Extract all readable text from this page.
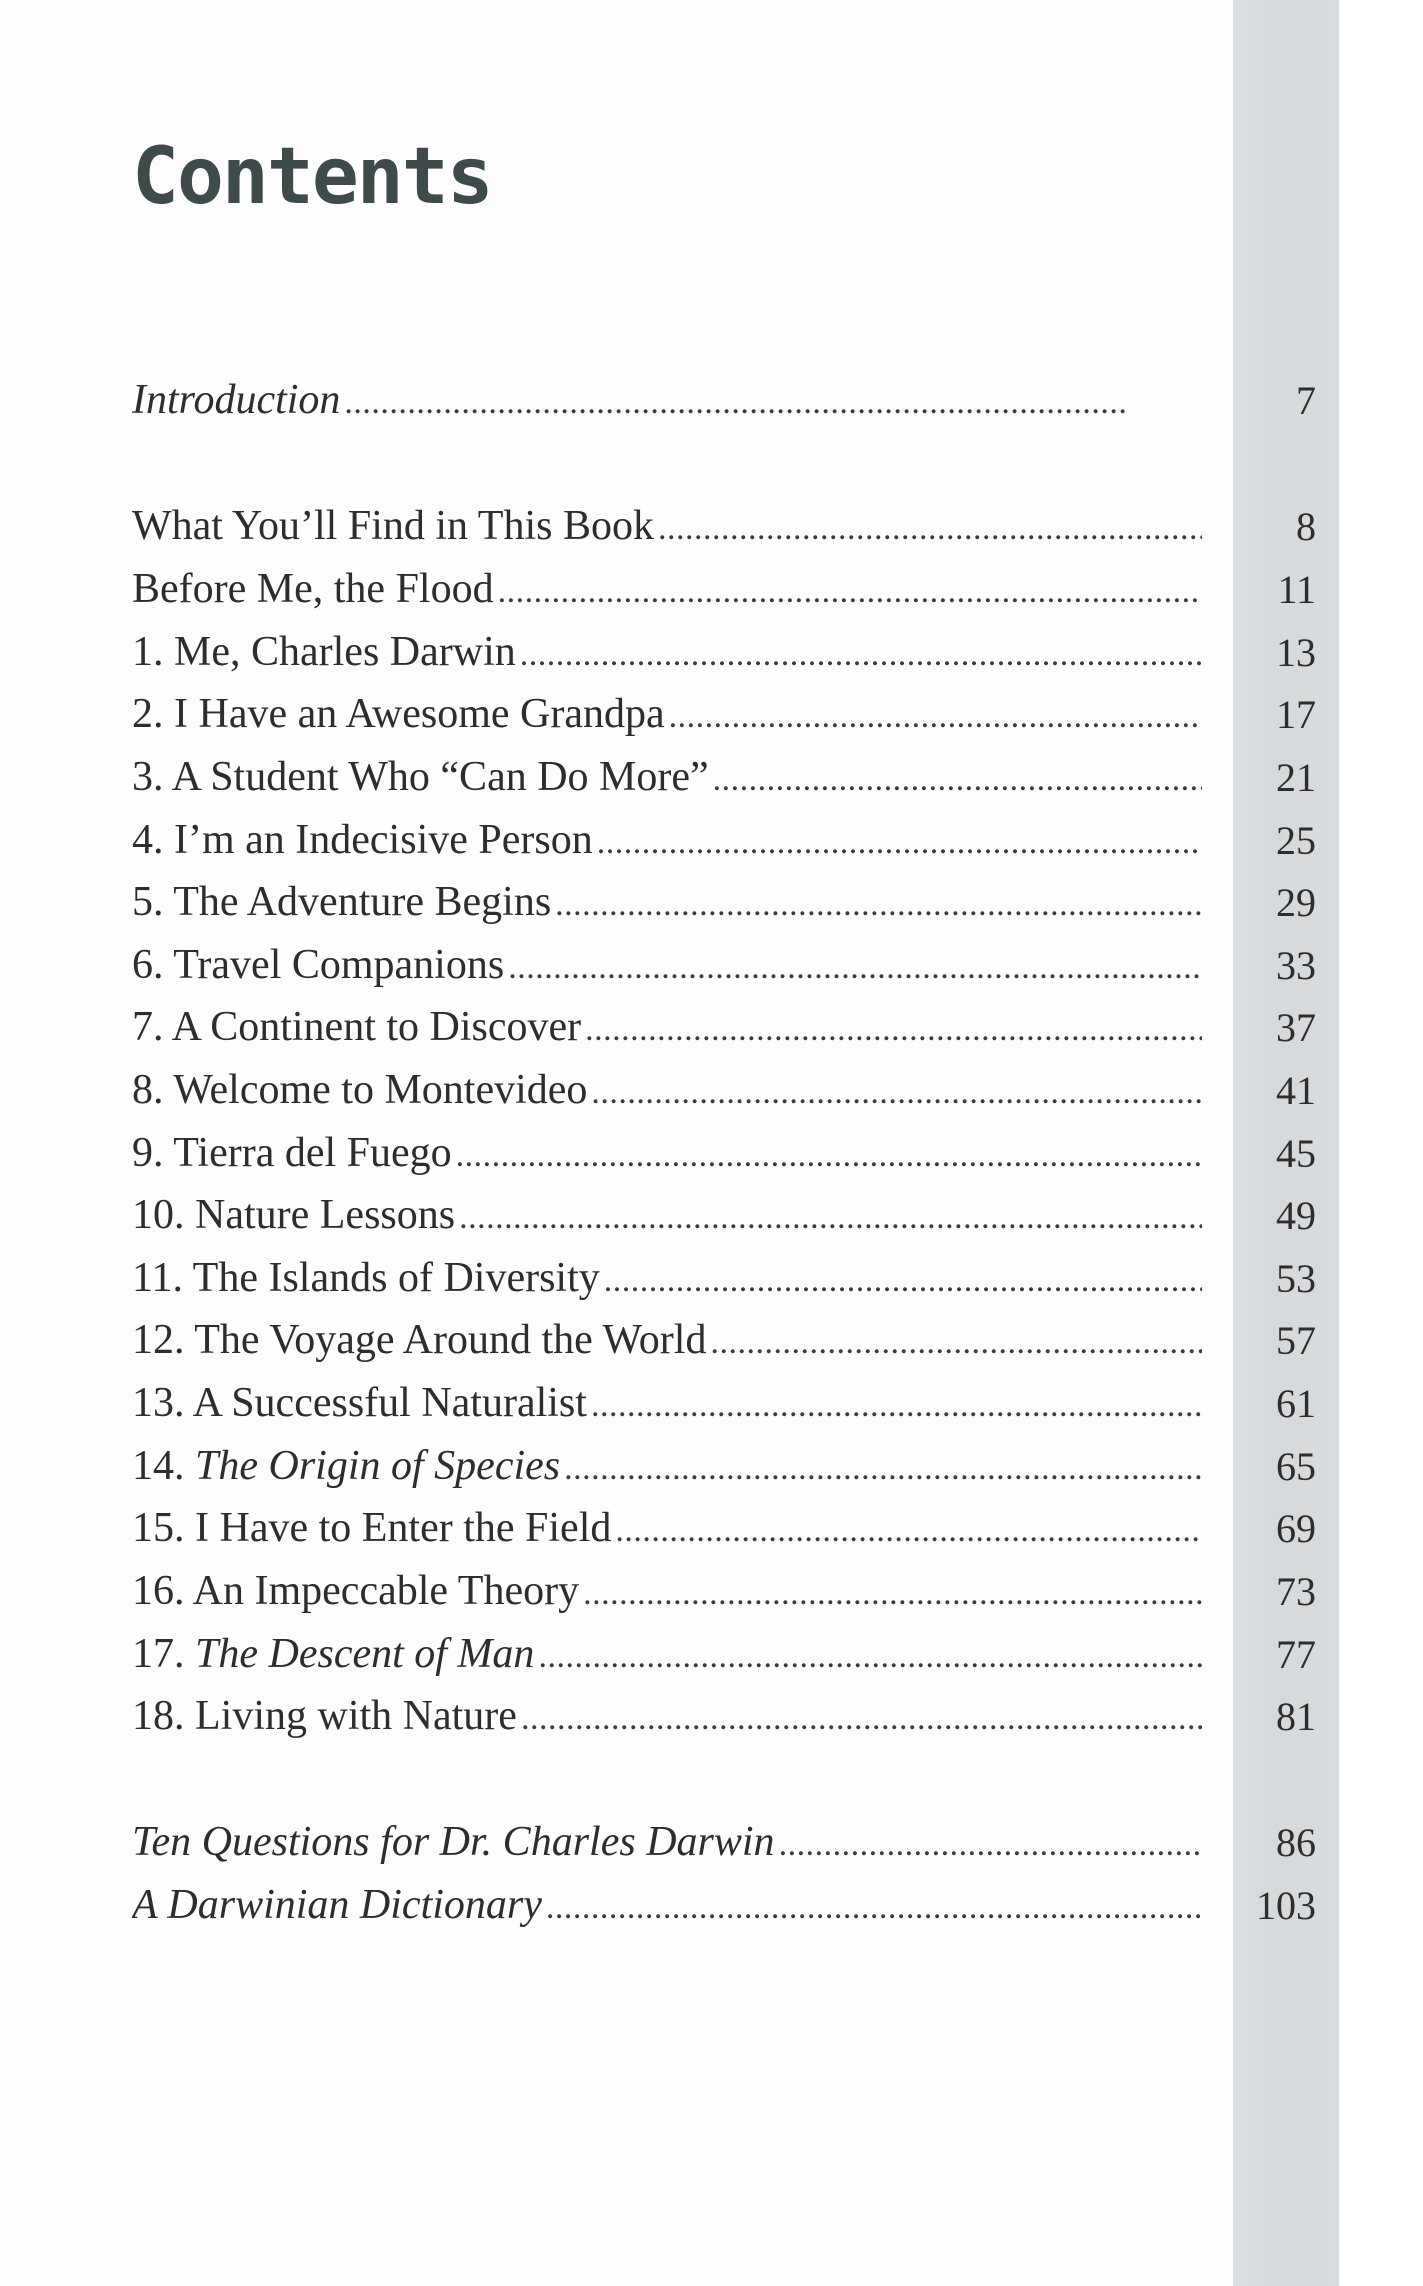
Contents
Introduction . . .	7
What You’ll Find in This Book . . .	8
Before Me, the Flood . . .	11
1. Me, Charles Darwin . . .	13
2. I Have an Awesome Grandpa . . .	17
3. A Student Who “Can Do More” . . .	21
4. I’m an Indecisive Person . . .	25
5. The Adventure Begins . . .	29
6. Travel Companions . . .	33
7. A Continent to Discover . . .	37
8. Welcome to Montevideo . . .	41
9. Tierra del Fuego . . .	45
10. Nature Lessons . . .	49
11. The Islands of Diversity . . .	53
12. The Voyage Around the World . . .	57
13. A Successful Naturalist . . .	61
14. The Origin of Species . . .	65
15. I Have to Enter the Field . . .	69
16. An Impeccable Theory . . .	73
17. The Descent of Man . . .	77
18. Living with Nature . . .	81
Ten Questions for Dr. Charles Darwin . . .	86
A Darwinian Dictionary . . .	103
